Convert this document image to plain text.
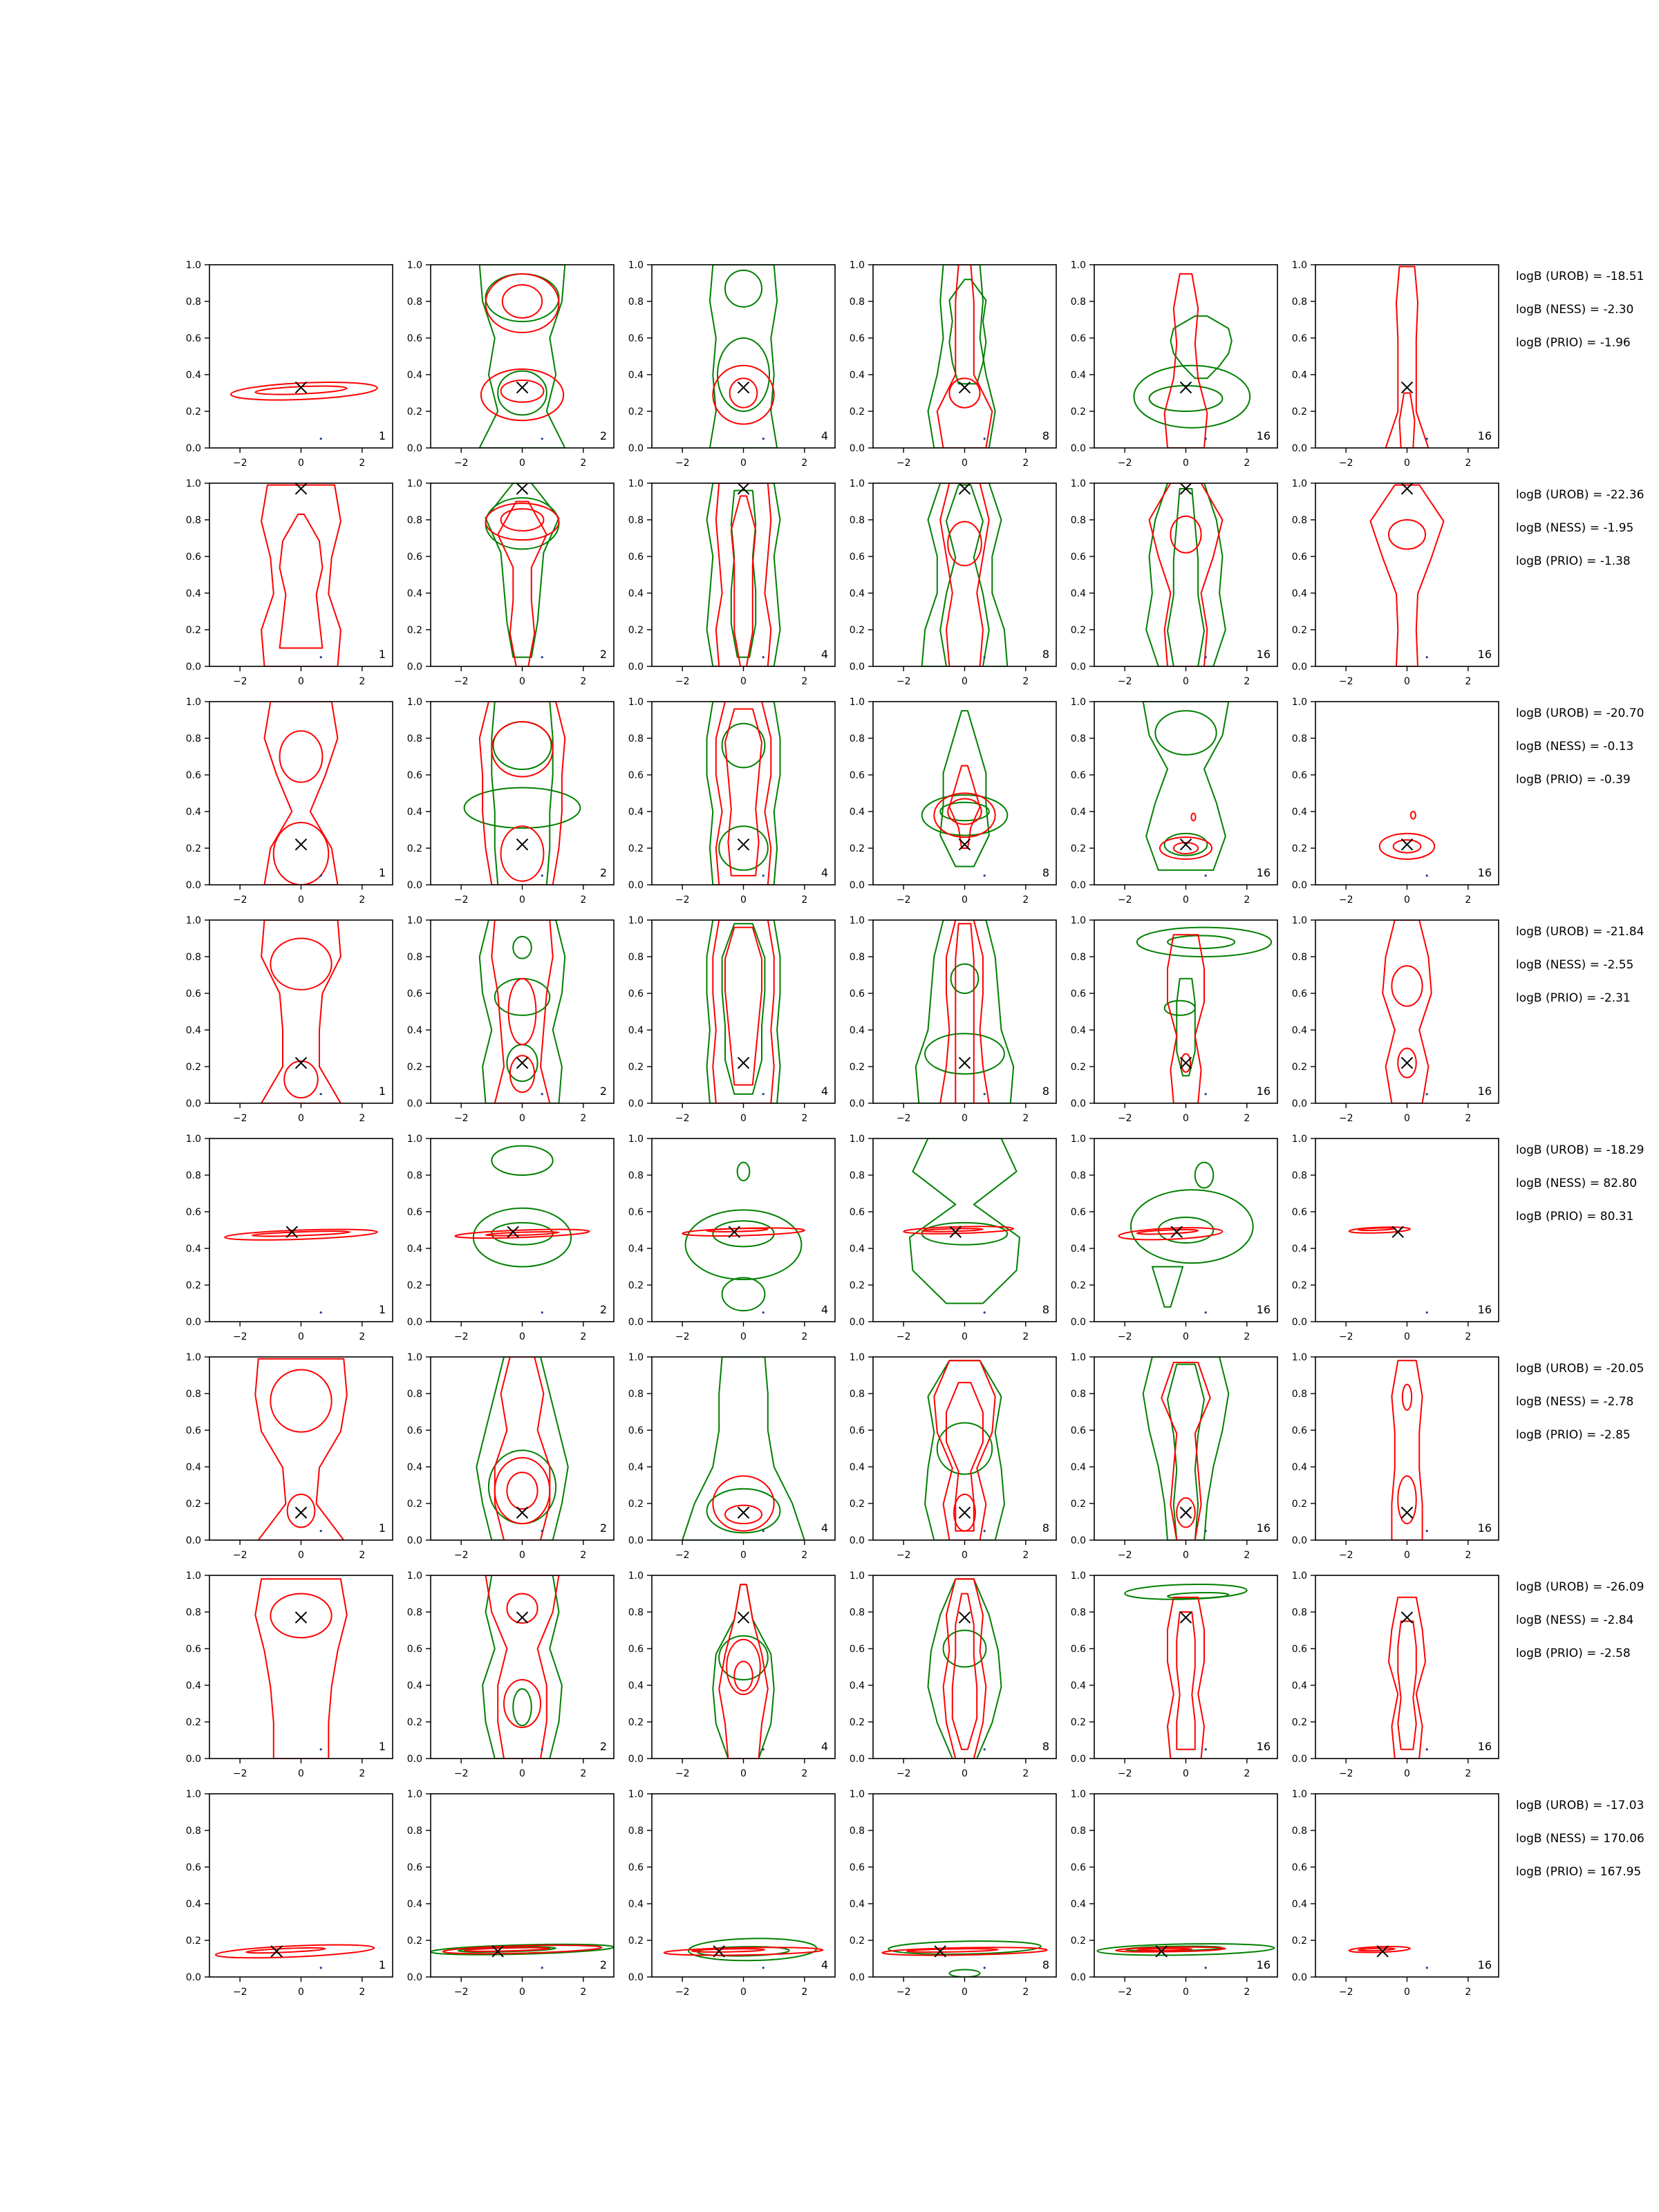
−2	0	2
0.0
0.2
0.4
0.6
0.8
1.0
1
−2	0	2
0.0
0.2
0.4
0.6
0.8
1.0
2
−2	0	2
0.0
0.2
0.4
0.6
0.8
1.0
4
−2	0	2
0.0
0.2
0.4
0.6
0.8
1.0
8
−2	0	2
0.0
0.2
0.4
0.6
0.8
1.0
16
−2	0	2
0.0
0.2
0.4
0.6
0.8
1.0
16
logB (UROB) = -18.51
logB (NESS) = -2.30
logB (PRIO) = -1.96
−2	0	2
0.0
0.2
0.4
0.6
0.8
1.0
1
−2	0	2
0.0
0.2
0.4
0.6
0.8
1.0
2
−2	0	2
0.0
0.2
0.4
0.6
0.8
1.0
4
−2	0	2
0.0
0.2
0.4
0.6
0.8
1.0
8
−2	0	2
0.0
0.2
0.4
0.6
0.8
1.0
16
−2	0	2
0.0
0.2
0.4
0.6
0.8
1.0
16
logB (UROB) = -22.36
logB (NESS) = -1.95
logB (PRIO) = -1.38
−2	0	2
0.0
0.2
0.4
0.6
0.8
1.0
1
−2	0	2
0.0
0.2
0.4
0.6
0.8
1.0
2
−2	0	2
0.0
0.2
0.4
0.6
0.8
1.0
4
−2	0	2
0.0
0.2
0.4
0.6
0.8
1.0
8
−2	0	2
0.0
0.2
0.4
0.6
0.8
1.0
16
−2	0	2
0.0
0.2
0.4
0.6
0.8
1.0
16
logB (UROB) = -20.70
logB (NESS) = -0.13
logB (PRIO) = -0.39
−2	0	2
0.0
0.2
0.4
0.6
0.8
1.0
1
−2	0	2
0.0
0.2
0.4
0.6
0.8
1.0
2
−2	0	2
0.0
0.2
0.4
0.6
0.8
1.0
4
−2	0	2
0.0
0.2
0.4
0.6
0.8
1.0
8
−2	0	2
0.0
0.2
0.4
0.6
0.8
1.0
16
−2	0	2
0.0
0.2
0.4
0.6
0.8
1.0
16
logB (UROB) = -21.84
logB (NESS) = -2.55
logB (PRIO) = -2.31
−2	0	2
0.0
0.2
0.4
0.6
0.8
1.0
1
−2	0	2
0.0
0.2
0.4
0.6
0.8
1.0
2
−2	0	2
0.0
0.2
0.4
0.6
0.8
1.0
4
−2	0	2
0.0
0.2
0.4
0.6
0.8
1.0
8
−2	0	2
0.0
0.2
0.4
0.6
0.8
1.0
16
−2	0	2
0.0
0.2
0.4
0.6
0.8
1.0
16
logB (UROB) = -18.29
logB (NESS) = 82.80
logB (PRIO) = 80.31
−2	0	2
0.0
0.2
0.4
0.6
0.8
1.0
1
−2	0	2
0.0
0.2
0.4
0.6
0.8
1.0
2
−2	0	2
0.0
0.2
0.4
0.6
0.8
1.0
4
−2	0	2
0.0
0.2
0.4
0.6
0.8
1.0
8
−2	0	2
0.0
0.2
0.4
0.6
0.8
1.0
16
−2	0	2
0.0
0.2
0.4
0.6
0.8
1.0
16
logB (UROB) = -20.05
logB (NESS) = -2.78
logB (PRIO) = -2.85
−2	0	2
0.0
0.2
0.4
0.6
0.8
1.0
1
−2	0	2
0.0
0.2
0.4
0.6
0.8
1.0
2
−2	0	2
0.0
0.2
0.4
0.6
0.8
1.0
4
−2	0	2
0.0
0.2
0.4
0.6
0.8
1.0
8
−2	0	2
0.0
0.2
0.4
0.6
0.8
1.0
16
−2	0	2
0.0
0.2
0.4
0.6
0.8
1.0
16
logB (UROB) = -26.09
logB (NESS) = -2.84
logB (PRIO) = -2.58
−2	0	2
0.0
0.2
0.4
0.6
0.8
1.0
1
−2	0	2
0.0
0.2
0.4
0.6
0.8
1.0
2
−2	0	2
0.0
0.2
0.4
0.6
0.8
1.0
4
−2	0	2
0.0
0.2
0.4
0.6
0.8
1.0
8
−2	0	2
0.0
0.2
0.4
0.6
0.8
1.0
16
−2	0	2
0.0
0.2
0.4
0.6
0.8
1.0
16
logB (UROB) = -17.03
logB (NESS) = 170.06
logB (PRIO) = 167.95
